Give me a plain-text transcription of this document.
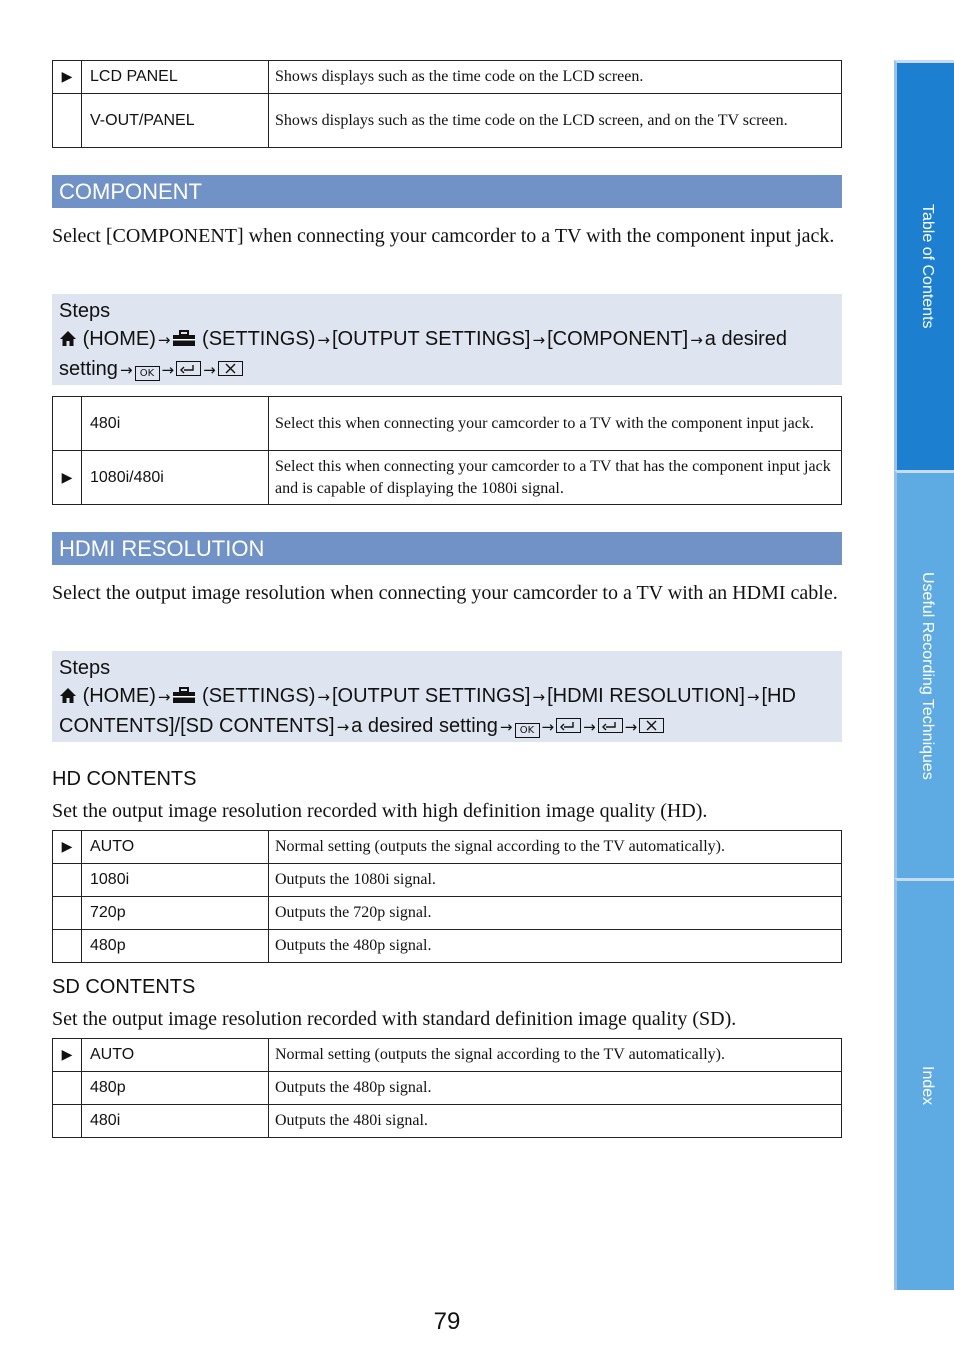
▶	LCD PANEL	Shows displays such as the time code on the LCD screen.
	V-OUT/PANEL	Shows displays such as the time code on the LCD screen, and on the TV screen.
COMPONENT

Select [COMPONENT] when connecting your camcorder to a TV with the component input jack.

Steps
(HOME) → (SETTINGS) → [OUTPUT SETTINGS] → [COMPONENT] → a desired setting → OK → →
	480i	Select this when connecting your camcorder to a TV with the component input jack.
▶	1080i/480i	Select this when connecting your camcorder to a TV that has the component input jack and is capable of displaying the 1080i signal.
HDMI RESOLUTION

Select the output image resolution when connecting your camcorder to a TV with an HDMI cable.

Steps
(HOME) → (SETTINGS) → [OUTPUT SETTINGS] → [HDMI RESOLUTION] → [HD CONTENTS]/[SD CONTENTS] → a desired setting → OK → → →
HD CONTENTS

Set the output image resolution recorded with high definition image quality (HD).

▶	AUTO	Normal setting (outputs the signal according to the TV automatically).
	1080i	Outputs the 1080i signal.
	720p	Outputs the 720p signal.
	480p	Outputs the 480p signal.
SD CONTENTS

Set the output image resolution recorded with standard definition image quality (SD).

▶	AUTO	Normal setting (outputs the signal according to the TV automatically).
	480p	Outputs the 480p signal.
	480i	Outputs the 480i signal.
Table of Contents
Useful Recording Techniques
Index
79
